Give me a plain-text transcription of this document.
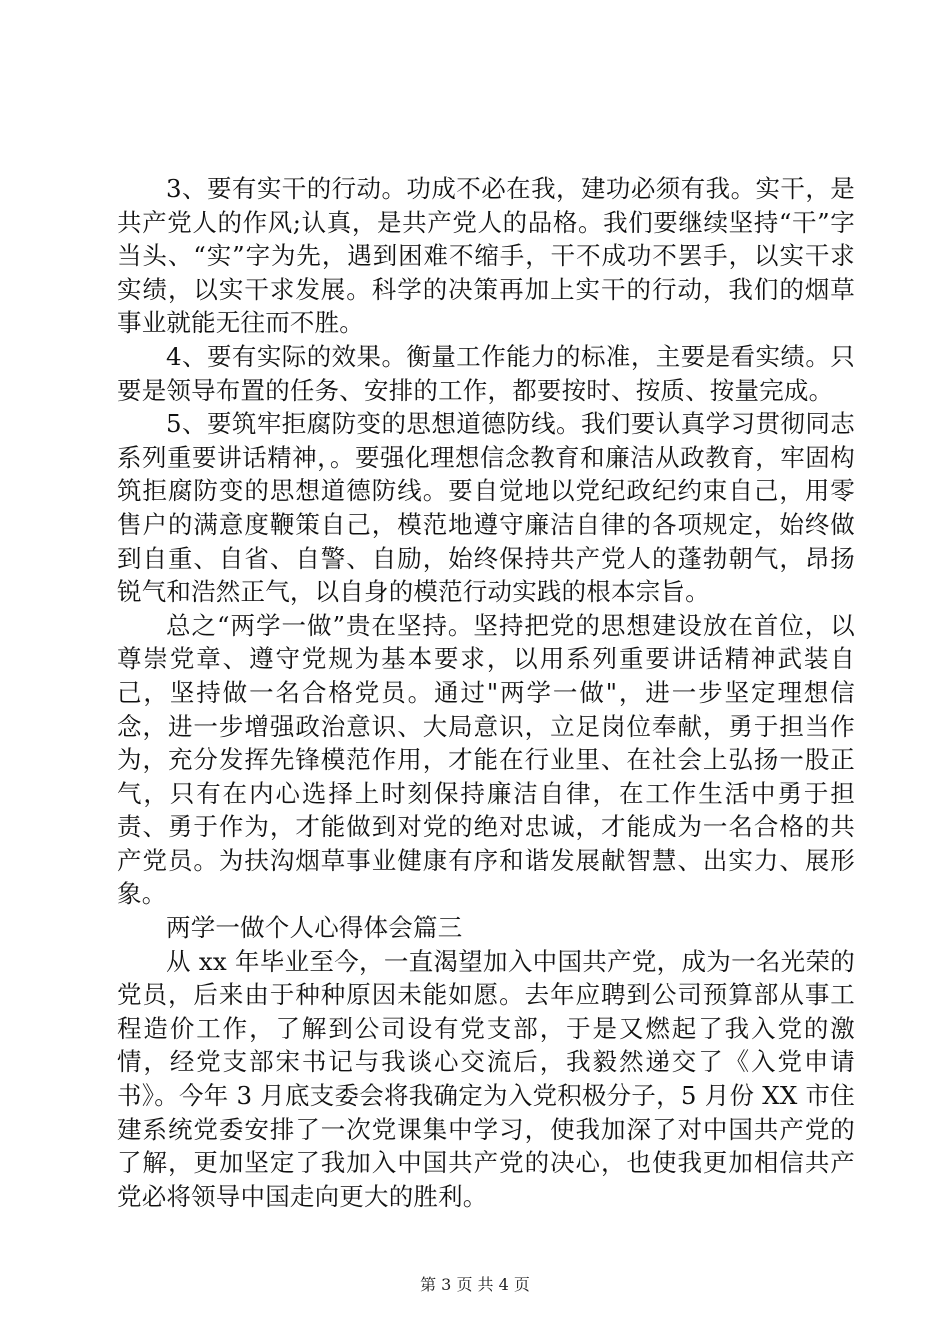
3、要有实干的行动。功成不必在我，建功必须有我。实干，是共产党人的作风;认真，是共产党人的品格。我们要继续坚持“干”字当头、“实”字为先，遇到困难不缩手，干不成功不罢手，以实干求实绩，以实干求发展。科学的决策再加上实干的行动，我们的烟草事业就能无往而不胜。

4、要有实际的效果。衡量工作能力的标准，主要是看实绩。只要是领导布置的任务、安排的工作，都要按时、按质、按量完成。

5、要筑牢拒腐防变的思想道德防线。我们要认真学习贯彻同志系列重要讲话精神，。要强化理想信念教育和廉洁从政教育，牢固构筑拒腐防变的思想道德防线。要自觉地以党纪政纪约束自己，用零售户的满意度鞭策自己，模范地遵守廉洁自律的各项规定，始终做到自重、自省、自警、自励，始终保持共产党人的蓬勃朝气，昂扬锐气和浩然正气，以自身的模范行动实践的根本宗旨。

总之“两学一做”贵在坚持。坚持把党的思想建设放在首位，以尊崇党章、遵守党规为基本要求，以用系列重要讲话精神武装自己，坚持做一名合格党员。通过"两学一做"，进一步坚定理想信念，进一步增强政治意识、大局意识，立足岗位奉献，勇于担当作为，充分发挥先锋模范作用，才能在行业里、在社会上弘扬一股正气，只有在内心选择上时刻保持廉洁自律，在工作生活中勇于担责、勇于作为，才能做到对党的绝对忠诚，才能成为一名合格的共产党员。为扶沟烟草事业健康有序和谐发展献智慧、出实力、展形象。

两学一做个人心得体会篇三

从 xx 年毕业至今，一直渴望加入中国共产党，成为一名光荣的党员，后来由于种种原因未能如愿。去年应聘到公司预算部从事工程造价工作，了解到公司设有党支部，于是又燃起了我入党的激情，经党支部宋书记与我谈心交流后，我毅然递交了《入党申请书》。今年 3 月底支委会将我确定为入党积极分子，5 月份 XX 市住建系统党委安排了一次党课集中学习，使我加深了对中国共产党的了解，更加坚定了我加入中国共产党的决心，也使我更加相信共产党必将领导中国走向更大的胜利。

第 3 页 共 4 页
